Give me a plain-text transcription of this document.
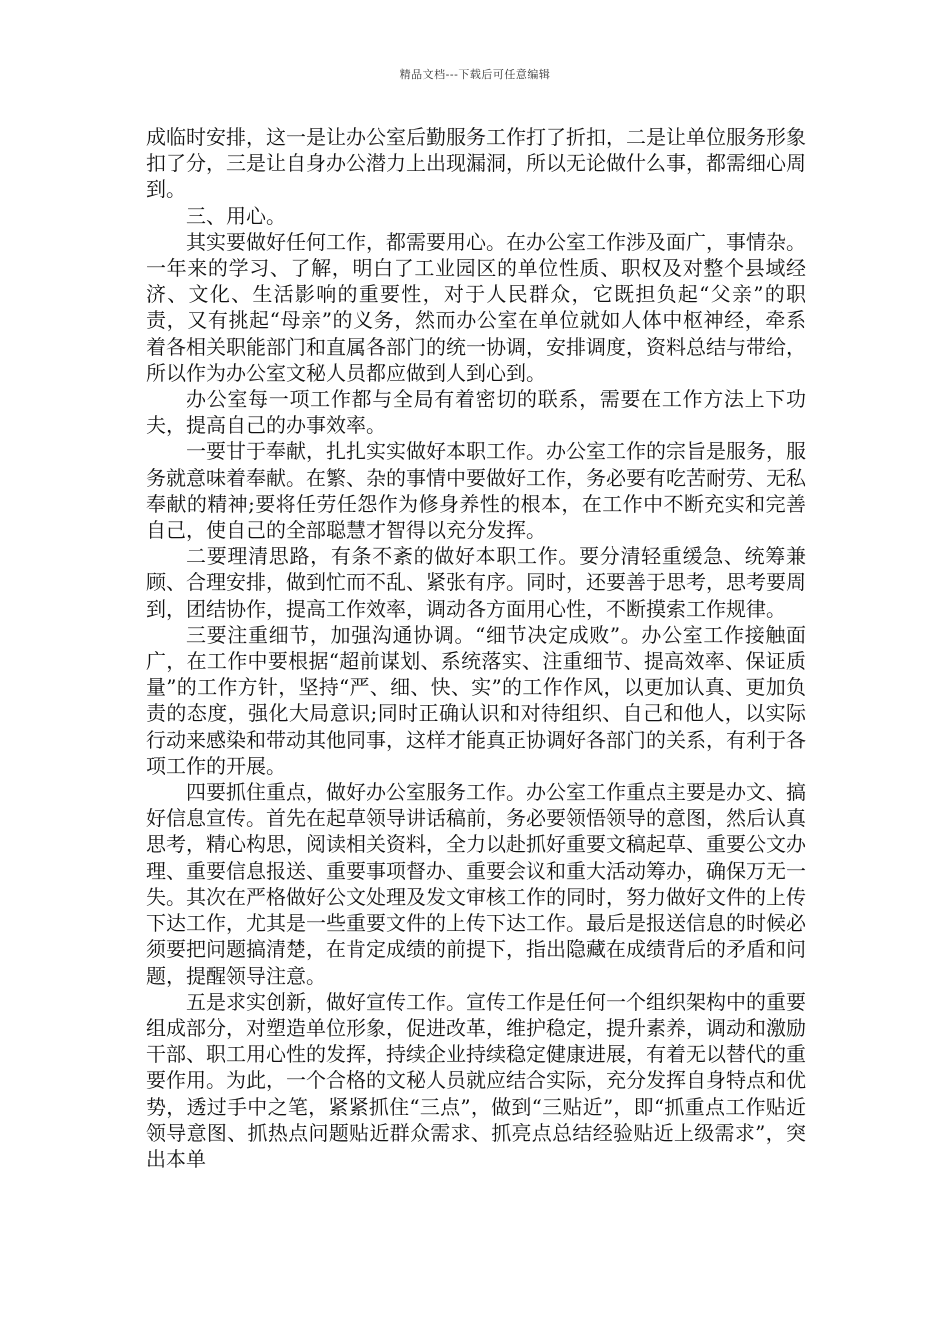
精品文档---下载后可任意编辑

成临时安排，这一是让办公室后勤服务工作打了折扣，二是让单位服务形象扣了分，三是让自身办公潜力上出现漏洞，所以无论做什么事，都需细心周到。

三、用心。

其实要做好任何工作，都需要用心。在办公室工作涉及面广，事情杂。一年来的学习、了解，明白了工业园区的单位性质、职权及对整个县域经济、文化、生活影响的重要性，对于人民群众，它既担负起“父亲”的职责，又有挑起“母亲”的义务，然而办公室在单位就如人体中枢神经，牵系着各相关职能部门和直属各部门的统一协调，安排调度，资料总结与带给，所以作为办公室文秘人员都应做到人到心到。

办公室每一项工作都与全局有着密切的联系，需要在工作方法上下功夫，提高自己的办事效率。

一要甘于奉献，扎扎实实做好本职工作。办公室工作的宗旨是服务，服务就意味着奉献。在繁、杂的事情中要做好工作，务必要有吃苦耐劳、无私奉献的精神;要将任劳任怨作为修身养性的根本，在工作中不断充实和完善自己，使自己的全部聪慧才智得以充分发挥。

二要理清思路，有条不紊的做好本职工作。要分清轻重缓急、统筹兼顾、合理安排，做到忙而不乱、紧张有序。同时，还要善于思考，思考要周到，团结协作，提高工作效率，调动各方面用心性，不断摸索工作规律。

三要注重细节，加强沟通协调。“细节决定成败”。办公室工作接触面广，在工作中要根据“超前谋划、系统落实、注重细节、提高效率、保证质量”的工作方针，坚持“严、细、快、实”的工作作风，以更加认真、更加负责的态度，强化大局意识;同时正确认识和对待组织、自己和他人，以实际行动来感染和带动其他同事，这样才能真正协调好各部门的关系，有利于各项工作的开展。

四要抓住重点，做好办公室服务工作。办公室工作重点主要是办文、搞好信息宣传。首先在起草领导讲话稿前，务必要领悟领导的意图，然后认真思考，精心构思，阅读相关资料，全力以赴抓好重要文稿起草、重要公文办理、重要信息报送、重要事项督办、重要会议和重大活动筹办，确保万无一失。其次在严格做好公文处理及发文审核工作的同时，努力做好文件的上传下达工作，尤其是一些重要文件的上传下达工作。最后是报送信息的时候必须要把问题搞清楚，在肯定成绩的前提下，指出隐藏在成绩背后的矛盾和问题，提醒领导注意。

五是求实创新，做好宣传工作。宣传工作是任何一个组织架构中的重要组成部分，对塑造单位形象，促进改革，维护稳定，提升素养，调动和激励干部、职工用心性的发挥，持续企业持续稳定健康进展，有着无以替代的重要作用。为此，一个合格的文秘人员就应结合实际，充分发挥自身特点和优势，透过手中之笔，紧紧抓住“三点”，做到“三贴近”，即“抓重点工作贴近领导意图、抓热点问题贴近群众需求、抓亮点总结经验贴近上级需求”，突出本单
